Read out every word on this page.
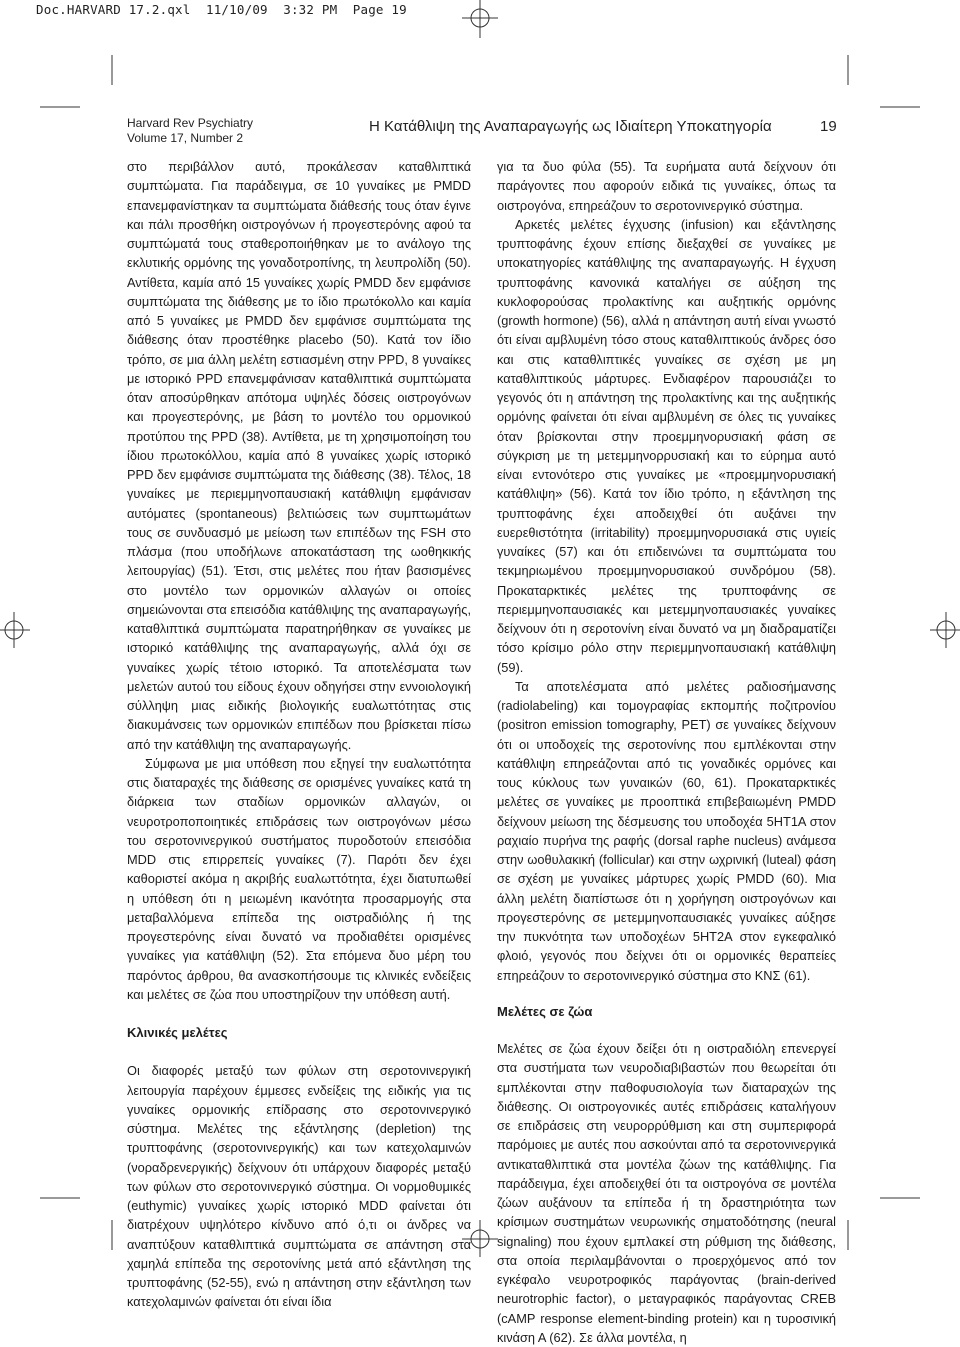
Doc.HARVARD 17.2.qxl  11/10/09  3:32 PM  Page 19
Harvard Rev Psychiatry
Volume 17, Number 2
Η Κατάθλιψη της Αναπαραγωγής ως Ιδιαίτερη Υποκατηγορία	19

στο περιβάλλον αυτό, προκάλεσαν καταθλιπτικά συμπτώματα. Για παράδειγμα, σε 10 γυναίκες με PMDD επανεμφανίστηκαν τα συμπτώματα διάθεσής τους όταν έγινε και πάλι προσθήκη οιστρογόνων ή προγεστερόνης αφού τα συμπτώματά τους σταθεροποιήθηκαν με το ανάλογο της εκλυτικής ορμόνης της γοναδοτροπίνης, τη λευπρολίδη (50). Αντίθετα, καμία από 15 γυναίκες χωρίς PMDD δεν εμφάνισε συμπτώματα της διάθεσης με το ίδιο πρωτόκολλο και καμία από 5 γυναίκες με PMDD δεν εμφάνισε συμπτώματα της διάθεσης όταν προστέθηκε placebo (50). Κατά τον ίδιο τρόπο, σε μια άλλη μελέτη εστιασμένη στην PPD, 8 γυναίκες με ιστορικό PPD επανεμφάνισαν καταθλιπτικά συμπτώματα όταν αποσύρθηκαν απότομα υψηλές δόσεις οιστρογόνων και προγεστερόνης, με βάση το μοντέλο του ορμονικού προτύπου της PPD (38). Αντίθετα, με τη χρησιμοποίηση του ίδιου πρωτοκόλλου, καμία από 8 γυναίκες χωρίς ιστορικό PPD δεν εμφάνισε συμπτώματα της διάθεσης (38). Τέλος, 18 γυναίκες με περιεμμηνοπαυσιακή κατάθλιψη εμφάνισαν αυτόματες (spontaneous) βελτιώσεις των συμπτωμάτων τους σε συνδυασμό με μείωση των επιπέδων της FSH στο πλάσμα (που υποδήλωνε αποκατάσταση της ωοθηκικής λειτουργίας) (51). Έτσι, στις μελέτες που ήταν βασισμένες στο μοντέλο των ορμονικών αλλαγών οι οποίες σημειώνονται στα επεισόδια κατάθλιψης της αναπαραγωγής, καταθλιπτικά συμπτώματα παρατηρήθηκαν σε γυναίκες με ιστορικό κατάθλιψης της αναπαραγωγής, αλλά όχι σε γυναίκες χωρίς τέτοιο ιστορικό. Τα αποτελέσματα των μελετών αυτού του είδους έχουν οδηγήσει στην εννοιολογική σύλληψη μιας ειδικής βιολογικής ευαλωττότητας στις διακυμάνσεις των ορμονικών επιπέδων που βρίσκεται πίσω από την κατάθλιψη της αναπαραγωγής.

Σύμφωνα με μια υπόθεση που εξηγεί την ευαλωττότητα στις διαταραχές της διάθεσης σε ορισμένες γυναίκες κατά τη διάρκεια των σταδίων ορμονικών αλλαγών, οι νευροτροποποιητικές επιδράσεις των οιστρογόνων μέσω του σεροτονινεργικού συστήματος πυροδοτούν επεισόδια MDD στις επιρρεπείς γυναίκες (7). Παρότι δεν έχει καθοριστεί ακόμα η ακριβής ευαλωττότητα, έχει διατυπωθεί η υπόθεση ότι η μειωμένη ικανότητα προσαρμογής στα μεταβαλλόμενα επίπεδα της οιστραδιόλης ή της προγεστερόνης είναι δυνατό να προδιαθέτει ορισμένες γυναίκες για κατάθλιψη (52). Στα επόμενα δυο μέρη του παρόντος άρθρου, θα ανασκοπήσουμε τις κλινικές ενδείξεις και μελέτες σε ζώα που υποστηρίζουν την υπόθεση αυτή.

Κλινικές μελέτες

Οι διαφορές μεταξύ των φύλων στη σεροτονινεργική λειτουργία παρέχουν έμμεσες ενδείξεις της ειδικής για τις γυναίκες ορμονικής επίδρασης στο σεροτονινεργικό σύστημα. Μελέτες της εξάντλησης (depletion) της τρυπτοφάνης (σεροτονινεργικής) και των κατεχολαμινών (νοραδρενεργικής) δείχνουν ότι υπάρχουν διαφορές μεταξύ των φύλων στο σεροτονινεργικό σύστημα. Οι νορμοθυμικές (euthymic) γυναίκες χωρίς ιστορικό MDD φαίνεται ότι διατρέχουν υψηλότερο κίνδυνο από ό,τι οι άνδρες να αναπτύξουν καταθλιπτικά συμπτώματα σε απάντηση στα χαμηλά επίπεδα της σεροτονίνης μετά από εξάντληση της τρυπτοφάνης (52-55), ενώ η απάντηση στην εξάντληση των κατεχολαμινών φαίνεται ότι είναι ίδια

για τα δυο φύλα (55). Τα ευρήματα αυτά δείχνουν ότι παράγοντες που αφορούν ειδικά τις γυναίκες, όπως τα οιστρογόνα, επηρεάζουν το σεροτονινεργικό σύστημα.

Αρκετές μελέτες έγχυσης (infusion) και εξάντλησης τρυπτοφάνης έχουν επίσης διεξαχθεί σε γυναίκες με υποκατηγορίες κατάθλιψης της αναπαραγωγής. Η έγχυση τρυπτοφάνης κανονικά καταλήγει σε αύξηση της κυκλοφορούσας προλακτίνης και αυξητικής ορμόνης (growth hormone) (56), αλλά η απάντηση αυτή είναι γνωστό ότι είναι αμβλυμένη τόσο στους καταθλιπτικούς άνδρες όσο και στις καταθλιπτικές γυναίκες σε σχέση με μη καταθλιπτικούς μάρτυρες. Ενδιαφέρον παρουσιάζει το γεγονός ότι η απάντηση της προλακτίνης και της αυξητικής ορμόνης φαίνεται ότι είναι αμβλυμένη σε όλες τις γυναίκες όταν βρίσκονται στην προεμμηνορυσιακή φάση σε σύγκριση με τη μετεμμηνορρυσιακή και το εύρημα αυτό είναι εντονότερο στις γυναίκες με «προεμμηνορυσιακή κατάθλιψη» (56). Κατά τον ίδιο τρόπο, η εξάντληση της τρυπτοφάνης έχει αποδειχθεί ότι αυξάνει την ευερεθιστότητα (irritability) προεμμηνορυσιακά στις υγιείς γυναίκες (57) και ότι επιδεινώνει τα συμπτώματα του τεκμηριωμένου προεμμηνορυσιακού συνδρόμου (58). Προκαταρκτικές μελέτες της τρυπτοφάνης σε περιεμμηνοπαυσιακές και μετεμμηνοπαυσιακές γυναίκες δείχνουν ότι η σεροτονίνη είναι δυνατό να μη διαδραματίζει τόσο κρίσιμο ρόλο στην περιεμμηνοπαυσιακή κατάθλιψη (59).

Τα αποτελέσματα από μελέτες ραδιοσήμανσης (radiolabeling) και τομογραφίας εκπομπής ποζιτρονίου (positron emission tomography, PET) σε γυναίκες δείχνουν ότι οι υποδοχείς της σεροτονίνης που εμπλέκονται στην κατάθλιψη επηρεάζονται από τις γοναδικές ορμόνες και τους κύκλους των γυναικών (60, 61). Προκαταρκτικές μελέτες σε γυναίκες με προοπτικά επιβεβαιωμένη PMDD δείχνουν μείωση της δέσμευσης του υποδοχέα 5HT1A στον ραχιαίο πυρήνα της ραφής (dorsal raphe nucleus) ανάμεσα στην ωοθυλακική (follicular) και στην ωχρινική (luteal) φάση σε σχέση με γυναίκες μάρτυρες χωρίς PMDD (60). Μια άλλη μελέτη διαπίστωσε ότι η χορήγηση οιστρογόνων και προγεστερόνης σε μετεμμηνοπαυσιακές γυναίκες αύξησε την πυκνότητα των υποδοχέων 5HT2A στον εγκεφαλικό φλοιό, γεγονός που δείχνει ότι οι ορμονικές θεραπείες επηρεάζουν το σεροτονινεργικό σύστημα στο ΚΝΣ (61).

Μελέτες σε ζώα

Μελέτες σε ζώα έχουν δείξει ότι η οιστραδιόλη επενεργεί στα συστήματα των νευροδιαβιβαστών που θεωρείται ότι εμπλέκονται στην παθοφυσιολογία των διαταραχών της διάθεσης. Οι οιστρογονικές αυτές επιδράσεις καταλήγουν σε επιδράσεις στη νευρορρύθμιση και στη συμπεριφορά παρόμοιες με αυτές που ασκούνται από τα σεροτονινεργικά αντικαταθλιπτικά στα μοντέλα ζώων της κατάθλιψης. Για παράδειγμα, έχει αποδειχθεί ότι τα οιστρογόνα σε μοντέλα ζώων αυξάνουν τα επίπεδα ή τη δραστηριότητα των κρίσιμων συστημάτων νευρωνικής σηματοδότησης (neural signaling) που έχουν εμπλακεί στη ρύθμιση της διάθεσης, στα οποία περιλαμβάνονται ο προερχόμενος από τον εγκέφαλο νευροτροφικός παράγοντας (brain-derived neurotrophic factor), ο μεταγραφικός παράγοντας CREB (cAMP response element-binding protein) και η τυροσινική κινάση Α (62). Σε άλλα μοντέλα, η
